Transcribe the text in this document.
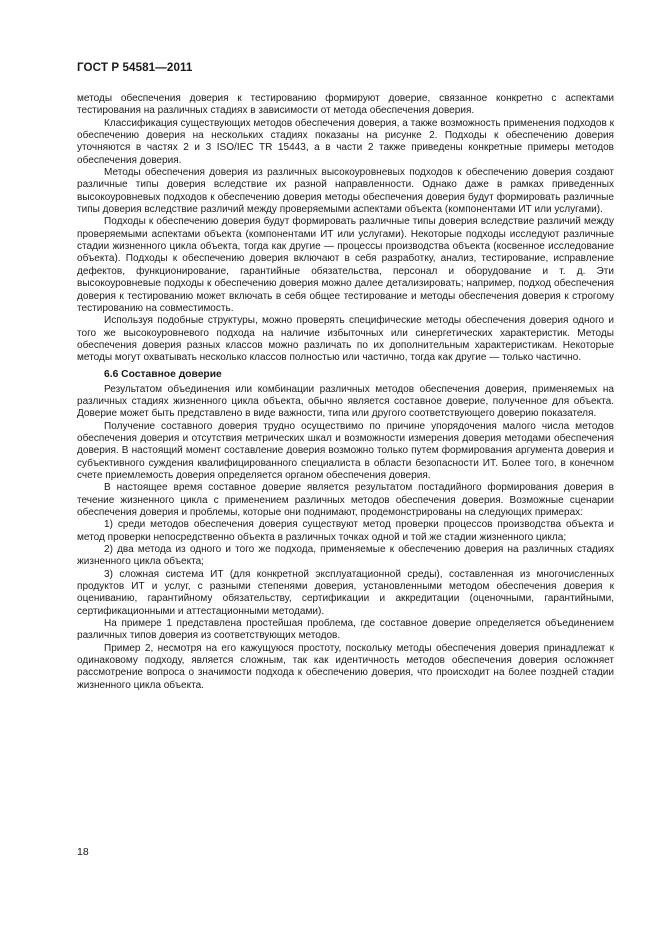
ГОСТ Р 54581—2011

методы обеспечения доверия к тестированию формируют доверие, связанное конкретно с аспектами тестирования на различных стадиях в зависимости от метода обеспечения доверия.

Классификация существующих методов обеспечения доверия, а также возможность применения подходов к обеспечению доверия на нескольких стадиях показаны на рисунке 2. Подходы к обеспечению доверия уточняются в частях 2 и 3 ISO/IEC TR 15443, а в части 2 также приведены конкретные примеры методов обеспечения доверия.

Методы обеспечения доверия из различных высокоуровневых подходов к обеспечению доверия создают различные типы доверия вследствие их разной направленности. Однако даже в рамках приведенных высокоуровневых подходов к обеспечению доверия методы обеспечения доверия будут формировать различные типы доверия вследствие различий между проверяемыми аспектами объекта (компонентами ИТ или услугами).

Подходы к обеспечению доверия будут формировать различные типы доверия вследствие различий между проверяемыми аспектами объекта (компонентами ИТ или услугами). Некоторые подходы исследуют различные стадии жизненного цикла объекта, тогда как другие — процессы производства объекта (косвенное исследование объекта). Подходы к обеспечению доверия включают в себя разработку, анализ, тестирование, исправление дефектов, функционирование, гарантийные обязательства, персонал и оборудование и т. д. Эти высокоуровневые подходы к обеспечению доверия можно далее детализировать; например, подход обеспечения доверия к тестированию может включать в себя общее тестирование и методы обеспечения доверия к строгому тестированию на совместимость.

Используя подобные структуры, можно проверять специфические методы обеспечения доверия одного и того же высокоуровневого подхода на наличие избыточных или синергетических характеристик. Методы обеспечения доверия разных классов можно различать по их дополнительным характеристикам. Некоторые методы могут охватывать несколько классов полностью или частично, тогда как другие — только частично.

6.6 Составное доверие

Результатом объединения или комбинации различных методов обеспечения доверия, применяемых на различных стадиях жизненного цикла объекта, обычно является составное доверие, полученное для объекта. Доверие может быть представлено в виде важности, типа или другого соответствующего доверию показателя.

Получение составного доверия трудно осуществимо по причине упорядочения малого числа методов обеспечения доверия и отсутствия метрических шкал и возможности измерения доверия методами обеспечения доверия. В настоящий момент составление доверия возможно только путем формирования аргумента доверия и субъективного суждения квалифицированного специалиста в области безопасности ИТ. Более того, в конечном счете приемлемость доверия определяется органом обеспечения доверия.

В настоящее время составное доверие является результатом постадийного формирования доверия в течение жизненного цикла с применением различных методов обеспечения доверия. Возможные сценарии обеспечения доверия и проблемы, которые они поднимают, продемонстрированы на следующих примерах:

1) среди методов обеспечения доверия существуют метод проверки процессов производства объекта и метод проверки непосредственно объекта в различных точках одной и той же стадии жизненного цикла;

2) два метода из одного и того же подхода, применяемые к обеспечению доверия на различных стадиях жизненного цикла объекта;

3) сложная система ИТ (для конкретной эксплуатационной среды), составленная из многочисленных продуктов ИТ и услуг, с разными степенями доверия, установленными методом обеспечения доверия к оцениванию, гарантийному обязательству, сертификации и аккредитации (оценочными, гарантийными, сертификационными и аттестационными методами).

На примере 1 представлена простейшая проблема, где составное доверие определяется объединением различных типов доверия из соответствующих методов.

Пример 2, несмотря на его кажущуюся простоту, поскольку методы обеспечения доверия принадлежат к одинаковому подходу, является сложным, так как идентичность методов обеспечения доверия осложняет рассмотрение вопроса о значимости подхода к обеспечению доверия, что происходит на более поздней стадии жизненного цикла объекта.

18
